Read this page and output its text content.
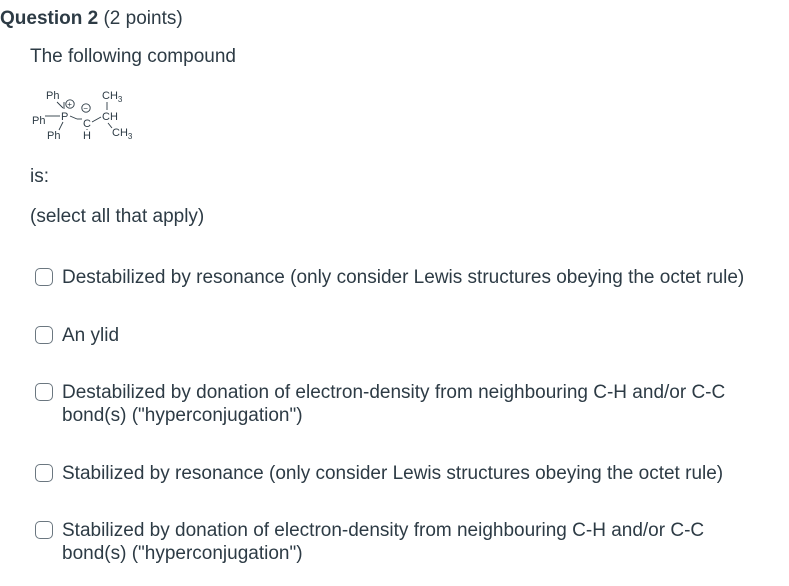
Question 2 (2 points)
The following compound
Ph
Ph
Ph
P
+ −
C
H
CH
$CH_3$
$CH_3$
is:
(select all that apply)
Destabilized by resonance (only consider Lewis structures obeying the octet rule)
An ylid
Destabilized by donation of electron-density from neighbouring C-H and/or C-C bond(s) ("hyperconjugation")
Stabilized by resonance (only consider Lewis structures obeying the octet rule)
Stabilized by donation of electron-density from neighbouring C-H and/or C-C bond(s) ("hyperconjugation")
